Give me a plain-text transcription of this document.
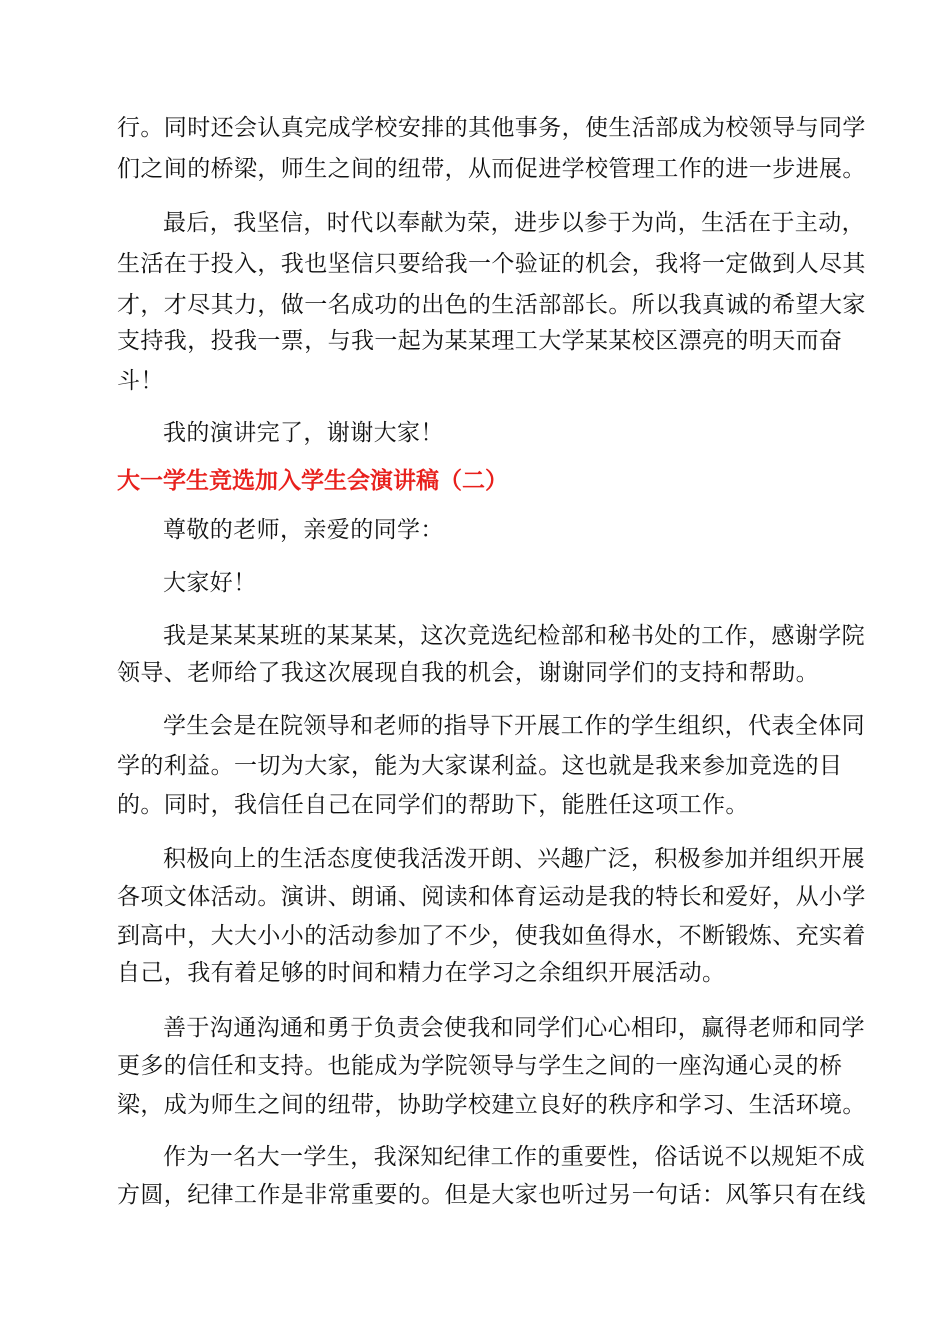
行。同时还会认真完成学校安排的其他事务，使生活部成为校领导与同学
们之间的桥梁，师生之间的纽带，从而促进学校管理工作的进一步进展。
最后，我坚信，时代以奉献为荣，进步以参于为尚，生活在于主动，
生活在于投入，我也坚信只要给我一个验证的机会，我将一定做到人尽其
才，才尽其力，做一名成功的出色的生活部部长。所以我真诚的希望大家
支持我，投我一票，与我一起为某某理工大学某某校区漂亮的明天而奋
斗！
我的演讲完了，谢谢大家！
尊敬的老师，亲爱的同学：
大家好！
我是某某某班的某某某，这次竞选纪检部和秘书处的工作，感谢学院
领导、老师给了我这次展现自我的机会，谢谢同学们的支持和帮助。
学生会是在院领导和老师的指导下开展工作的学生组织，代表全体同
学的利益。一切为大家，能为大家谋利益。这也就是我来参加竞选的目
的。同时，我信任自己在同学们的帮助下，能胜任这项工作。
积极向上的生活态度使我活泼开朗、兴趣广泛，积极参加并组织开展
各项文体活动。演讲、朗诵、阅读和体育运动是我的特长和爱好，从小学
到高中，大大小小的活动参加了不少，使我如鱼得水，不断锻炼、充实着
自己，我有着足够的时间和精力在学习之余组织开展活动。
善于沟通沟通和勇于负责会使我和同学们心心相印，赢得老师和同学
更多的信任和支持。也能成为学院领导与学生之间的一座沟通心灵的桥
梁，成为师生之间的纽带，协助学校建立良好的秩序和学习、生活环境。
作为一名大一学生，我深知纪律工作的重要性，俗话说不以规矩不成
方圆，纪律工作是非常重要的。但是大家也听过另一句话：风筝只有在线
大一学生竞选加入学生会演讲稿（二）
